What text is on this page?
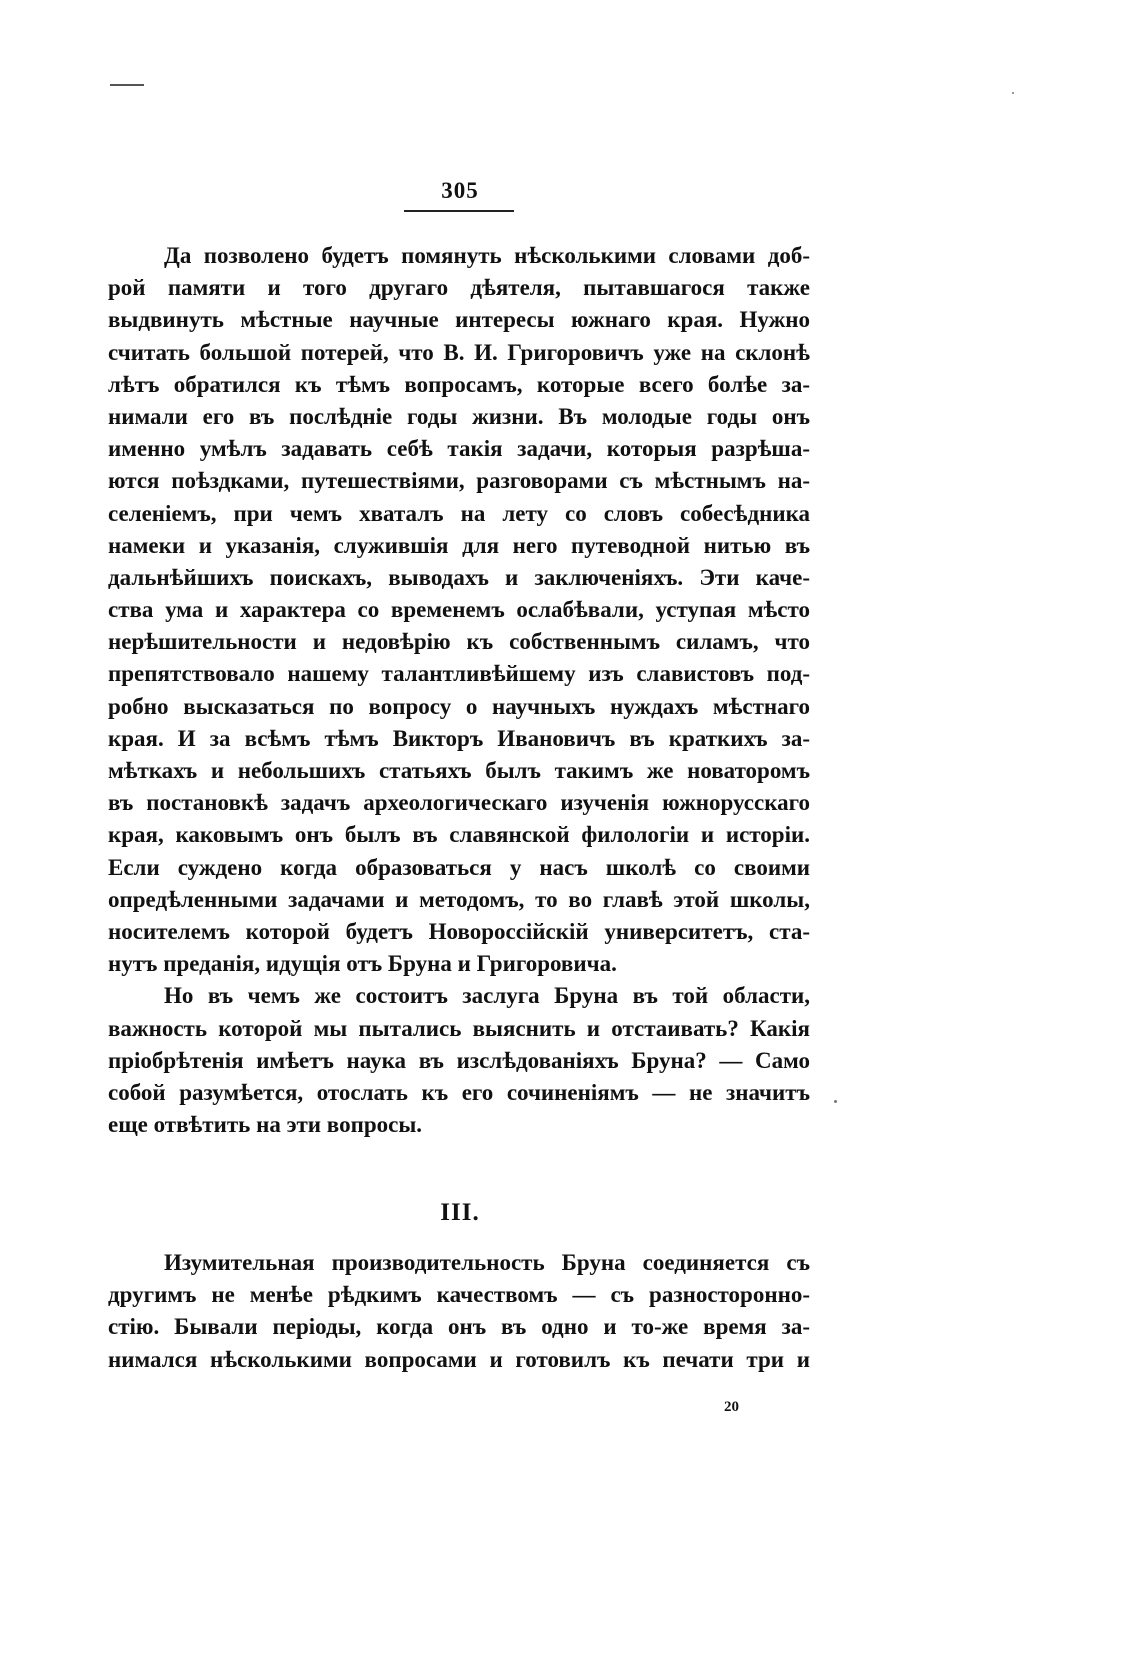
305
Да позволено будетъ помянуть нѣсколькими словами доб-
рой памяти и того другаго дѣятеля, пытавшагося также
выдвинуть мѣстные научные интересы южнаго края. Нужно
считать большой потерей, что В. И. Григоровичъ уже на склонѣ
лѣтъ обратился къ тѣмъ вопросамъ, которые всего болѣе за-
нимали его въ послѣдніе годы жизни. Въ молодые годы онъ
именно умѣлъ задавать себѣ такія задачи, которыя разрѣша-
ются поѣздками, путешествіями, разговорами съ мѣстнымъ на-
селеніемъ, при чемъ хваталъ на лету со словъ собесѣдника
намеки и указанія, служившія для него путеводной нитью въ
дальнѣйшихъ поискахъ, выводахъ и заключеніяхъ. Эти каче-
ства ума и характера со временемъ ослабѣвали, уступая мѣсто
нерѣшительности и недовѣрію къ собственнымъ силамъ, что
препятствовало нашему талантливѣйшему изъ славистовъ под-
робно высказаться по вопросу о научныхъ нуждахъ мѣстнаго
края. И за всѣмъ тѣмъ Викторъ Ивановичъ въ краткихъ за-
мѣткахъ и небольшихъ статьяхъ былъ такимъ же новаторомъ
въ постановкѣ задачъ археологическаго изученія южнорусскаго
края, каковымъ онъ былъ въ славянской филологіи и исторіи.
Если суждено когда образоваться у насъ школѣ со своими
опредѣленными задачами и методомъ, то во главѣ этой школы,
носителемъ которой будетъ Новороссійскій университетъ, ста-
нутъ преданія, идущія отъ Бруна и Григоровича.
Но въ чемъ же состоитъ заслуга Бруна въ той области,
важность которой мы пытались выяснить и отстаивать? Какія
пріобрѣтенія имѣетъ наука въ изслѣдованіяхъ Бруна? — Само
собой разумѣется, отослать къ его сочиненіямъ — не значитъ
еще отвѣтить на эти вопросы.
III.
Изумительная производительность Бруна соединяется съ
другимъ не менѣе рѣдкимъ качествомъ — съ разносторонно-
стію. Бывали періоды, когда онъ въ одно и то-же время за-
нимался нѣсколькими вопросами и готовилъ къ печати три и
20
